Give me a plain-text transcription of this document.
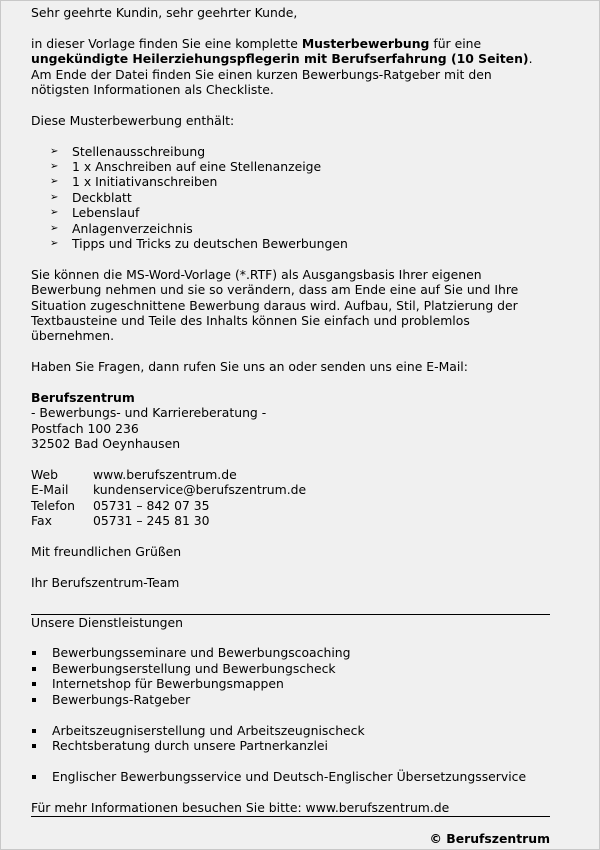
Sehr geehrte Kundin, sehr geehrter Kunde,

in dieser Vorlage finden Sie eine komplette Musterbewerbung für eine
ungekündigte Heilerziehungspflegerin mit Berufserfahrung (10 Seiten).
Am Ende der Datei finden Sie einen kurzen Bewerbungs-Ratgeber mit den
nötigsten Informationen als Checkliste.

Diese Musterbewerbung enthält:

➢ Stellenausschreibung
➢ 1 x Anschreiben auf eine Stellenanzeige
➢ 1 x Initiativanschreiben
➢ Deckblatt
➢ Lebenslauf
➢ Anlagenverzeichnis
➢ Tipps und Tricks zu deutschen Bewerbungen

Sie können die MS-Word-Vorlage (*.RTF) als Ausgangsbasis Ihrer eigenen
Bewerbung nehmen und sie so verändern, dass am Ende eine auf Sie und Ihre
Situation zugeschnittene Bewerbung daraus wird. Aufbau, Stil, Platzierung der
Textbausteine und Teile des Inhalts können Sie einfach und problemlos
übernehmen.

Haben Sie Fragen, dann rufen Sie uns an oder senden uns eine E-Mail:

Berufszentrum

- Bewerbungs- und Karriereberatung -

Postfach 100 236

32502 Bad Oeynhausen

Web	www.berufszentrum.de
E-Mail	kundenservice@berufszentrum.de
Telefon	05731 – 842 07 35
Fax	05731 – 245 81 30

Mit freundlichen Grüßen

Ihr Berufszentrum-Team

Unsere Dienstleistungen

Bewerbungsseminare und Bewerbungscoaching
Bewerbungserstellung und Bewerbungscheck
Internetshop für Bewerbungsmappen
Bewerbungs-Ratgeber
Arbeitszeugniserstellung und Arbeitszeugnischeck
Rechtsberatung durch unsere Partnerkanzlei
Englischer Bewerbungsservice und Deutsch-Englischer Übersetzungsservice

Für mehr Informationen besuchen Sie bitte: www.berufszentrum.de

© Berufszentrum
